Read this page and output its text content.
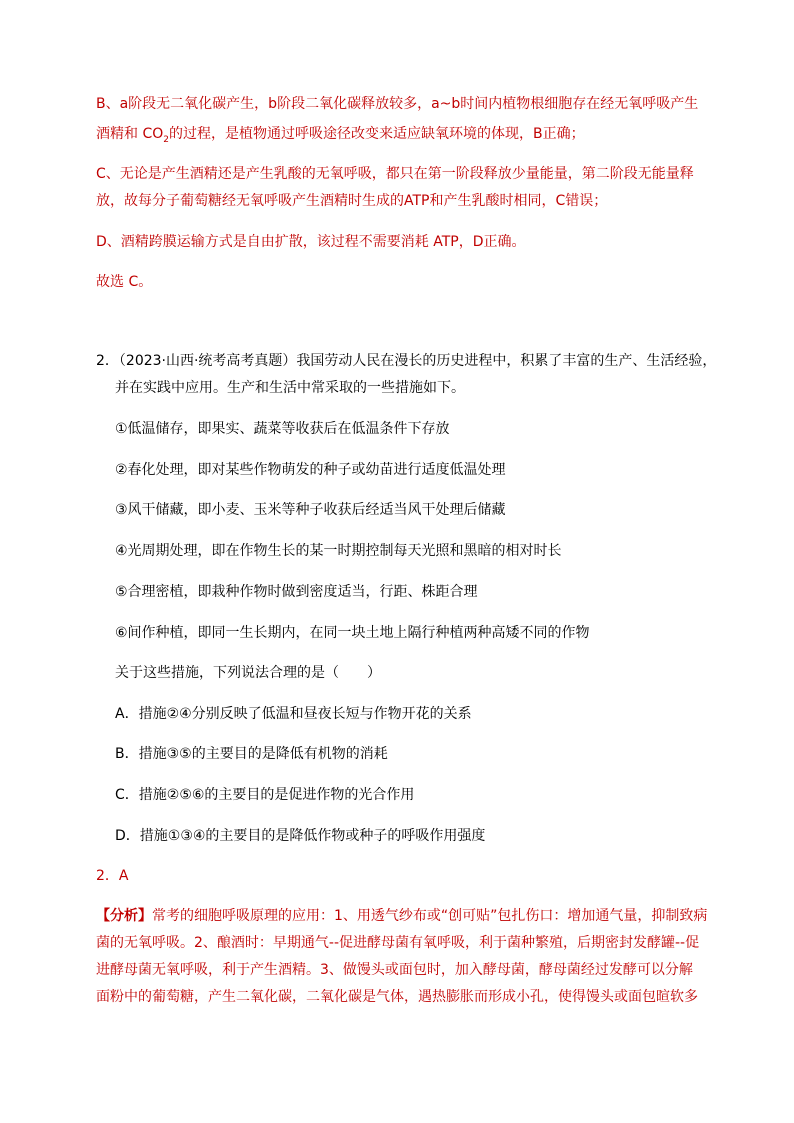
B、a阶段无二氧化碳产生，b阶段二氧化碳释放较多，a~b时间内植物根细胞存在经无氧呼吸产生
酒精和 $CO_2$的过程，是植物通过呼吸途径改变来适应缺氧环境的体现，B正确；
C、无论是产生酒精还是产生乳酸的无氧呼吸，都只在第一阶段释放少量能量，第二阶段无能量释
放，故每分子葡萄糖经无氧呼吸产生酒精时生成的ATP和产生乳酸时相同，C错误；
D、酒精跨膜运输方式是自由扩散，该过程不需要消耗 ATP，D正确。
故选 C。
2．（2023·山西·统考高考真题）我国劳动人民在漫长的历史进程中，积累了丰富的生产、生活经验，
并在实践中应用。生产和生活中常采取的一些措施如下。
①低温储存，即果实、蔬菜等收获后在低温条件下存放
②春化处理，即对某些作物萌发的种子或幼苗进行适度低温处理
③风干储藏，即小麦、玉米等种子收获后经适当风干处理后储藏
④光周期处理，即在作物生长的某一时期控制每天光照和黑暗的相对时长
⑤合理密植，即栽种作物时做到密度适当，行距、株距合理
⑥间作种植，即同一生长期内，在同一块土地上隔行种植两种高矮不同的作物
关于这些措施，下列说法合理的是（　　）
A．措施②④分别反映了低温和昼夜长短与作物开花的关系
B．措施③⑤的主要目的是降低有机物的消耗
C．措施②⑤⑥的主要目的是促进作物的光合作用
D．措施①③④的主要目的是降低作物或种子的呼吸作用强度
2．A
【分析】常考的细胞呼吸原理的应用：1、用透气纱布或“创可贴”包扎伤口：增加通气量，抑制致病
菌的无氧呼吸。2、酿酒时：早期通气--促进酵母菌有氧呼吸，利于菌种繁殖，后期密封发酵罐--促
进酵母菌无氧呼吸，利于产生酒精。3、做馒头或面包时，加入酵母菌，酵母菌经过发酵可以分解
面粉中的葡萄糖，产生二氧化碳，二氧化碳是气体，遇热膨胀而形成小孔，使得馒头或面包暄软多
